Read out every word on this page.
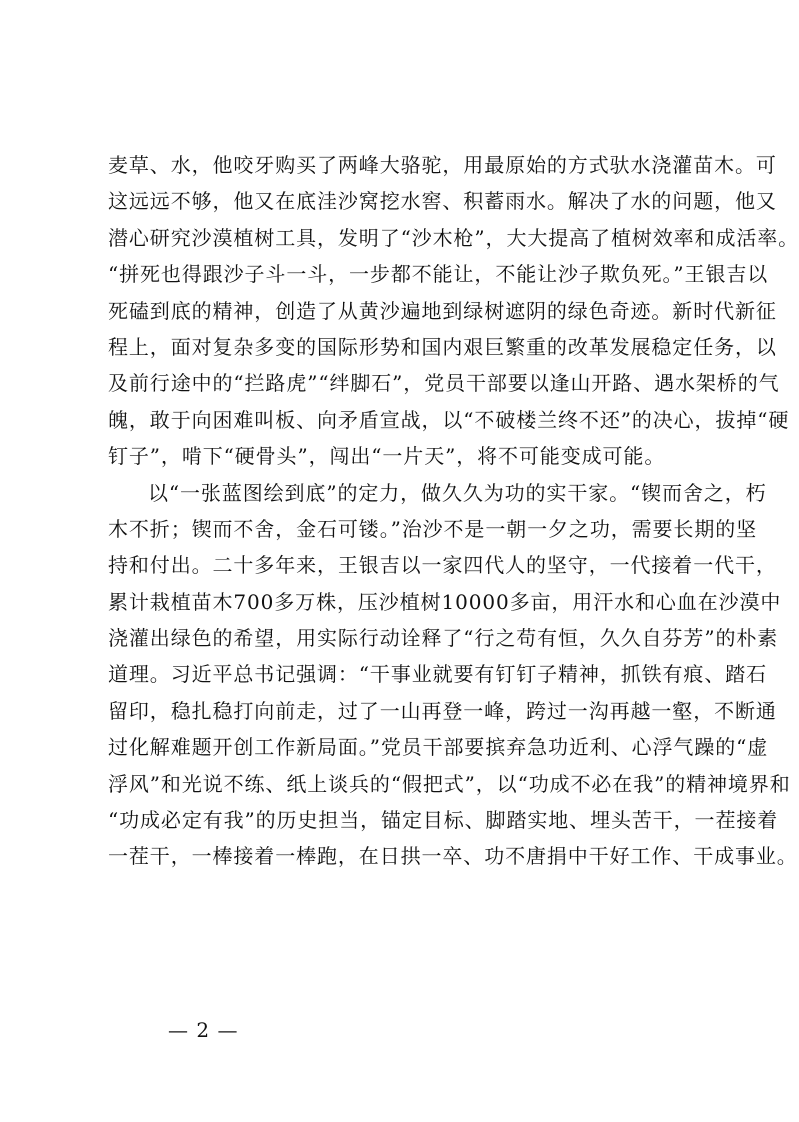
麦草、水，他咬牙购买了两峰大骆驼，用最原始的方式驮水浇灌苗木。可
这远远不够，他又在底洼沙窝挖水窖、积蓄雨水。解决了水的问题，他又
潜心研究沙漠植树工具，发明了“沙木枪”，大大提高了植树效率和成活率。
“拼死也得跟沙子斗一斗，一步都不能让，不能让沙子欺负死。”王银吉以
死磕到底的精神，创造了从黄沙遍地到绿树遮阴的绿色奇迹。新时代新征
程上，面对复杂多变的国际形势和国内艰巨繁重的改革发展稳定任务，以
及前行途中的“拦路虎”“绊脚石”，党员干部要以逢山开路、遇水架桥的气
魄，敢于向困难叫板、向矛盾宣战，以“不破楼兰终不还”的决心，拔掉“硬
钉子”，啃下“硬骨头”，闯出“一片天”，将不可能变成可能。
以“一张蓝图绘到底”的定力，做久久为功的实干家。“锲而舍之，朽
木不折；锲而不舍，金石可镂。”治沙不是一朝一夕之功，需要长期的坚
持和付出。二十多年来，王银吉以一家四代人的坚守，一代接着一代干，
累计栽植苗木700多万株，压沙植树10000多亩，用汗水和心血在沙漠中
浇灌出绿色的希望，用实际行动诠释了“行之苟有恒，久久自芬芳”的朴素
道理。习近平总书记强调：“干事业就要有钉钉子精神，抓铁有痕、踏石
留印，稳扎稳打向前走，过了一山再登一峰，跨过一沟再越一壑，不断通
过化解难题开创工作新局面。”党员干部要摈弃急功近利、心浮气躁的“虚
浮风”和光说不练、纸上谈兵的“假把式”，以“功成不必在我”的精神境界和
“功成必定有我”的历史担当，锚定目标、脚踏实地、埋头苦干，一茬接着
一茬干，一棒接着一棒跑，在日拱一卒、功不唐捐中干好工作、干成事业。
— 2 —
